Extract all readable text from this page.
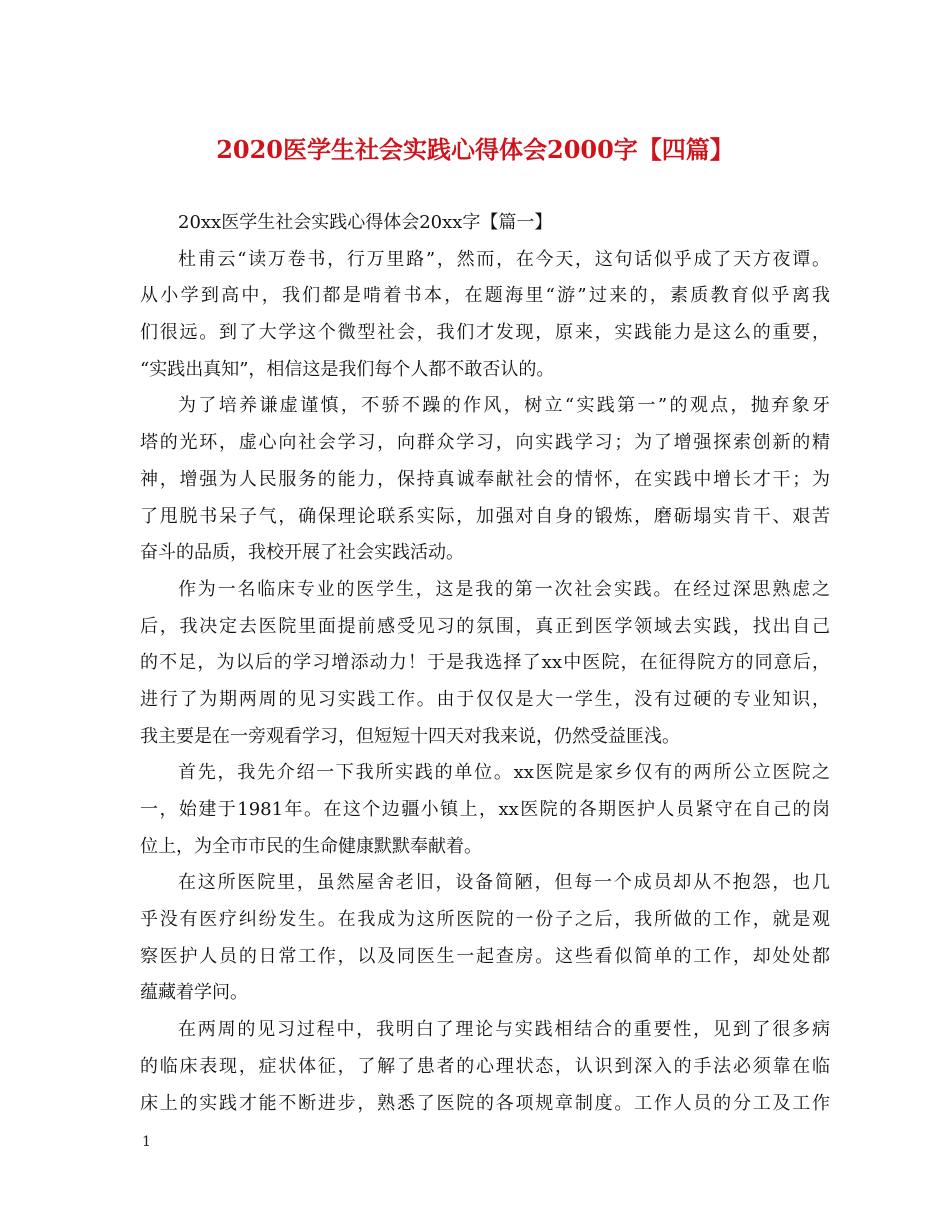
2020医学生社会实践心得体会2000字【四篇】
20xx医学生社会实践心得体会20xx字【篇一】
杜甫云“读万卷书，行万里路”，然而，在今天，这句话似乎成了天方夜谭。
从小学到高中，我们都是啃着书本，在题海里“游”过来的，素质教育似乎离我
们很远。到了大学这个微型社会，我们才发现，原来，实践能力是这么的重要，
“实践出真知”，相信这是我们每个人都不敢否认的。
为了培养谦虚谨慎，不骄不躁的作风，树立“实践第一”的观点，抛弃象牙
塔的光环，虚心向社会学习，向群众学习，向实践学习；为了增强探索创新的精
神，增强为人民服务的能力，保持真诚奉献社会的情怀，在实践中增长才干；为
了甩脱书呆子气，确保理论联系实际，加强对自身的锻炼，磨砺塌实肯干、艰苦
奋斗的品质，我校开展了社会实践活动。
作为一名临床专业的医学生，这是我的第一次社会实践。在经过深思熟虑之
后，我决定去医院里面提前感受见习的氛围，真正到医学领域去实践，找出自己
的不足，为以后的学习增添动力！于是我选择了xx中医院，在征得院方的同意后，
进行了为期两周的见习实践工作。由于仅仅是大一学生，没有过硬的专业知识，
我主要是在一旁观看学习，但短短十四天对我来说，仍然受益匪浅。
首先，我先介绍一下我所实践的单位。xx医院是家乡仅有的两所公立医院之
一，始建于1981年。在这个边疆小镇上，xx医院的各期医护人员紧守在自己的岗
位上，为全市市民的生命健康默默奉献着。
在这所医院里，虽然屋舍老旧，设备简陋，但每一个成员却从不抱怨，也几
乎没有医疗纠纷发生。在我成为这所医院的一份子之后，我所做的工作，就是观
察医护人员的日常工作，以及同医生一起查房。这些看似简单的工作，却处处都
蕴藏着学问。
在两周的见习过程中，我明白了理论与实践相结合的重要性，见到了很多病
的临床表现，症状体征，了解了患者的心理状态，认识到深入的手法必须靠在临
床上的实践才能不断进步，熟悉了医院的各项规章制度。工作人员的分工及工作
1
